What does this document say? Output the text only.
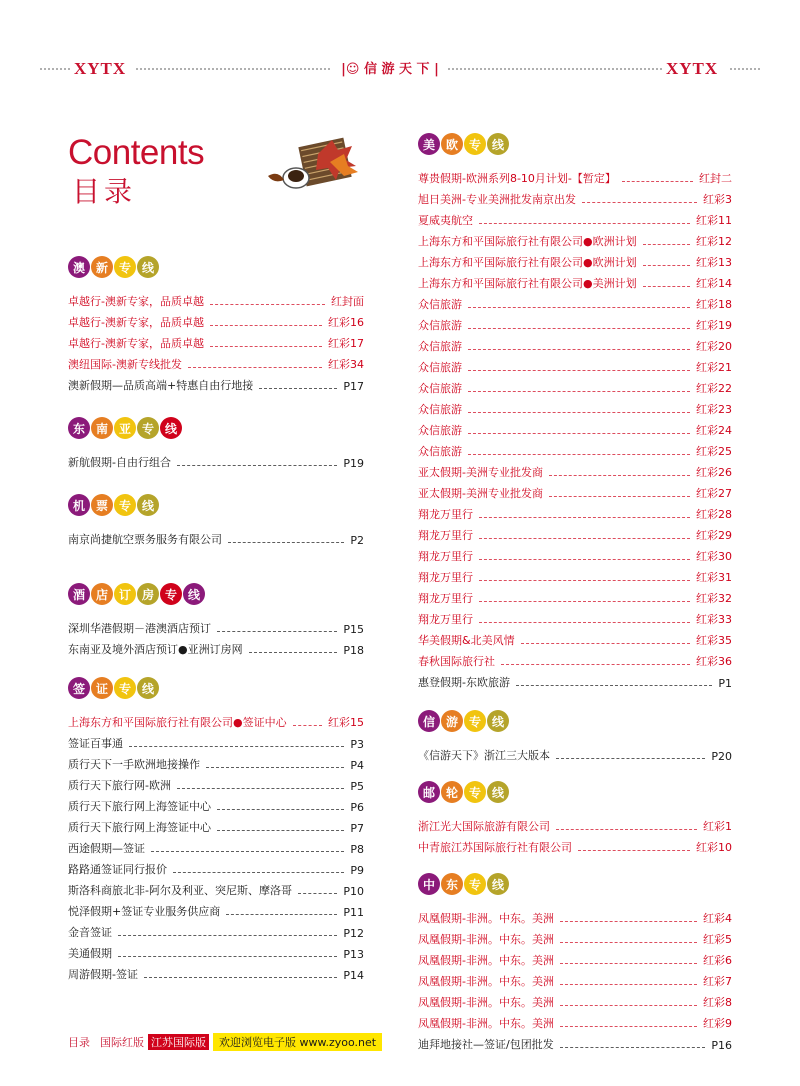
XYTX	|☺ 信 游 天 下 |	XYTX
Contents
目录
澳 新 专 线
卓越行-澳新专家，品质卓越	红封面
卓越行-澳新专家，品质卓越	红彩16
卓越行-澳新专家，品质卓越	红彩17
澳纽国际-澳新专线批发	红彩34
澳新假期—品质高端+特惠自由行地接	P17
东 南 亚 专 线
新航假期-自由行组合	P19
机 票 专 线
南京尚捷航空票务服务有限公司	P2
酒 店 订 房 专 线
深圳华港假期－港澳酒店预订	P15
东南亚及境外酒店预订●亚洲订房网	P18
签 证 专 线
上海东方和平国际旅行社有限公司●签证中心	红彩15
签证百事通	P3
质行天下一手欧洲地接操作	P4
质行天下旅行网-欧洲	P5
质行天下旅行网上海签证中心	P6
质行天下旅行网上海签证中心	P7
西途假期—签证	P8
路路通签证同行报价	P9
斯洛科商旅北非-阿尔及利亚、突尼斯、摩洛哥	P10
悦泽假期+签证专业服务供应商	P11
金音签证	P12
美通假期	P13
周游假期-签证	P14
美 欧 专 线
尊贵假期-欧洲系列8-10月计划-【暂定】	红封二
旭日美洲-专业美洲批发南京出发	红彩3
夏威夷航空	红彩11
上海东方和平国际旅行社有限公司●欧洲计划	红彩12
上海东方和平国际旅行社有限公司●欧洲计划	红彩13
上海东方和平国际旅行社有限公司●美洲计划	红彩14
众信旅游	红彩18
众信旅游	红彩19
众信旅游	红彩20
众信旅游	红彩21
众信旅游	红彩22
众信旅游	红彩23
众信旅游	红彩24
众信旅游	红彩25
亚太假期-美洲专业批发商	红彩26
亚太假期-美洲专业批发商	红彩27
翔龙万里行	红彩28
翔龙万里行	红彩29
翔龙万里行	红彩30
翔龙万里行	红彩31
翔龙万里行	红彩32
翔龙万里行	红彩33
华美假期&北美风情	红彩35
春秋国际旅行社	红彩36
惠登假期-东欧旅游	P1
信 游 专 线
《信游天下》浙江三大版本	P20
邮 轮 专 线
浙江光大国际旅游有限公司	红彩1
中青旅江苏国际旅行社有限公司	红彩10
中 东 专 线
凤凰假期-非洲。中东。美洲	红彩4
凤凰假期-非洲。中东。美洲	红彩5
凤凰假期-非洲。中东。美洲	红彩6
凤凰假期-非洲。中东。美洲	红彩7
凤凰假期-非洲。中东。美洲	红彩8
凤凰假期-非洲。中东。美洲	红彩9
迪拜地接社—签证/包团批发	P16
目录 国际红版 江苏国际版	欢迎浏览电子版 www.zyoo.net
